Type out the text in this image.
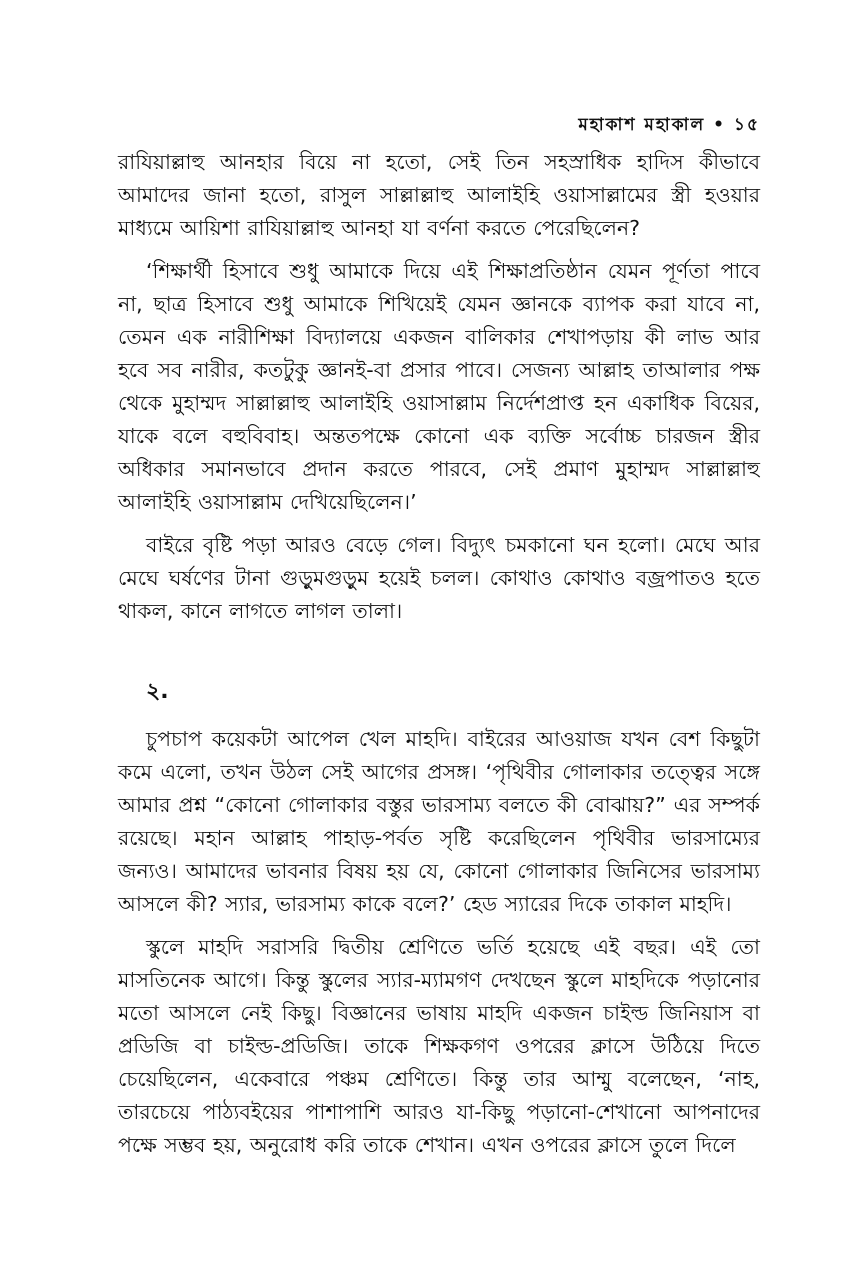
মহাকাশ মহাকাল • ১৫

রাযিয়াল্লাহু আনহার বিয়ে না হতো, সেই তিন সহস্রাধিক হাদিস কীভাবে আমাদের জানা হতো, রাসুল সাল্লাল্লাহু আলাইহি ওয়াসাল্লামের স্ত্রী হওয়ার মাধ্যমে আয়িশা রাযিয়াল্লাহু আনহা যা বর্ণনা করতে পেরেছিলেন?

‘শিক্ষার্থী হিসাবে শুধু আমাকে দিয়ে এই শিক্ষাপ্রতিষ্ঠান যেমন পূর্ণতা পাবে না, ছাত্র হিসাবে শুধু আমাকে শিখিয়েই যেমন জ্ঞানকে ব্যাপক করা যাবে না, তেমন এক নারীশিক্ষা বিদ্যালয়ে একজন বালিকার শেখাপড়ায় কী লাভ আর হবে সব নারীর, কতটুকু জ্ঞানই-বা প্রসার পাবে। সেজন্য আল্লাহ তাআলার পক্ষ থেকে মুহাম্মদ সাল্লাল্লাহু আলাইহি ওয়াসাল্লাম নির্দেশপ্রাপ্ত হন একাধিক বিয়ের, যাকে বলে বহুবিবাহ। অন্ততপক্ষে কোনো এক ব্যক্তি সর্বোচ্চ চারজন স্ত্রীর অধিকার সমানভাবে প্রদান করতে পারবে, সেই প্রমাণ মুহাম্মদ সাল্লাল্লাহু আলাইহি ওয়াসাল্লাম দেখিয়েছিলেন।’

বাইরে বৃষ্টি পড়া আরও বেড়ে গেল। বিদ্যুৎ চমকানো ঘন হলো। মেঘে আর মেঘে ঘর্ষণের টানা গুড়ুমগুড়ুম হয়েই চলল। কোথাও কোথাও বজ্রপাতও হতে থাকল, কানে লাগতে লাগল তালা।

২.

চুপচাপ কয়েকটা আপেল খেল মাহদি। বাইরের আওয়াজ যখন বেশ কিছুটা কমে এলো, তখন উঠল সেই আগের প্রসঙ্গ। ‘পৃথিবীর গোলাকার তত্ত্বের সঙ্গে আমার প্রশ্ন “কোনো গোলাকার বস্তুর ভারসাম্য বলতে কী বোঝায়?” এর সম্পর্ক রয়েছে। মহান আল্লাহ পাহাড়-পর্বত সৃষ্টি করেছিলেন পৃথিবীর ভারসাম্যের জন্যও। আমাদের ভাবনার বিষয় হয় যে, কোনো গোলাকার জিনিসের ভারসাম্য আসলে কী? স্যার, ভারসাম্য কাকে বলে?’ হেড স্যারের দিকে তাকাল মাহদি।

স্কুলে মাহদি সরাসরি দ্বিতীয় শ্রেণিতে ভর্তি হয়েছে এই বছর। এই তো মাসতিনেক আগে। কিন্তু স্কুলের স্যার-ম্যামগণ দেখছেন স্কুলে মাহদিকে পড়ানোর মতো আসলে নেই কিছু। বিজ্ঞানের ভাষায় মাহদি একজন চাইল্ড জিনিয়াস বা প্রডিজি বা চাইল্ড-প্রডিজি। তাকে শিক্ষকগণ ওপরের ক্লাসে উঠিয়ে দিতে চেয়েছিলেন, একেবারে পঞ্চম শ্রেণিতে। কিন্তু তার আম্মু বলেছেন, ‘নাহ, তারচেয়ে পাঠ্যবইয়ের পাশাপাশি আরও যা-কিছু পড়ানো-শেখানো আপনাদের পক্ষে সম্ভব হয়, অনুরোধ করি তাকে শেখান। এখন ওপরের ক্লাসে তুলে দিলে
